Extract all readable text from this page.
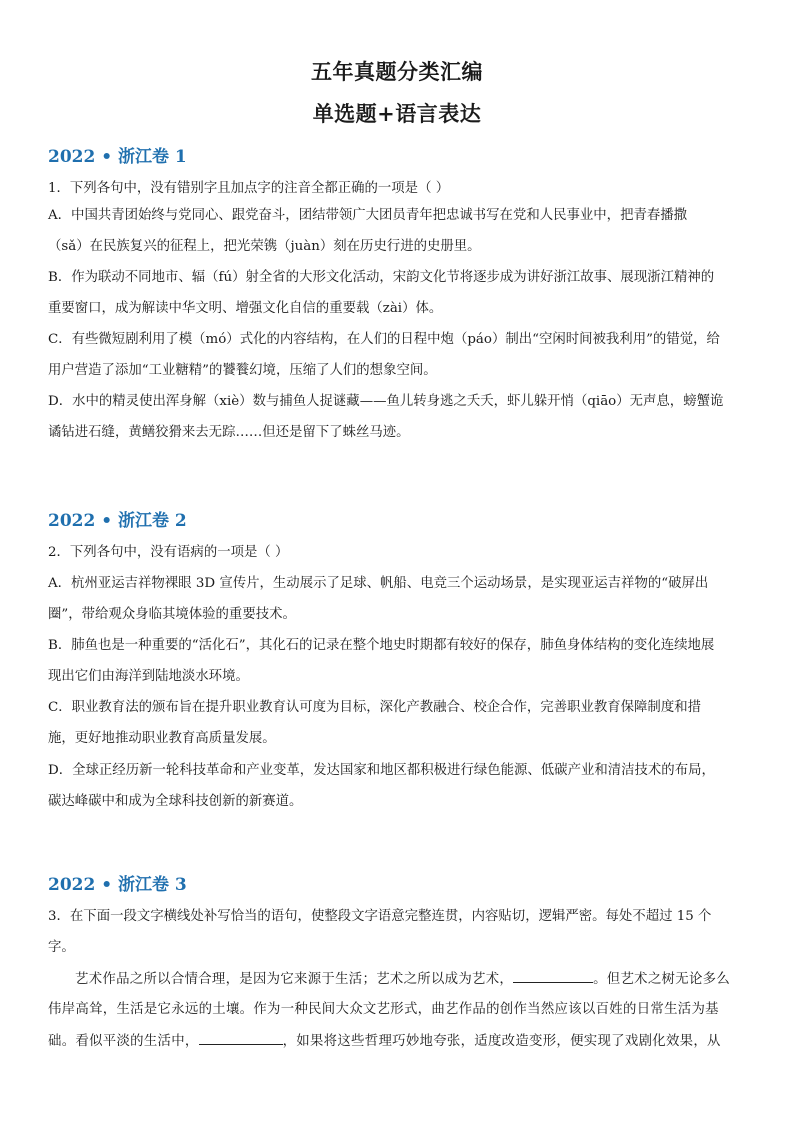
五年真题分类汇编
单选题+语言表达
2022 • 浙江卷 1
1．下列各句中，没有错别字且加点字的注音全都正确的一项是（ ）
A．中国共青团始终与党同心、跟党奋斗，团结带领广大团员青年把忠诚书写在党和人民事业中，把青春播撒
（sǎ）在民族复兴的征程上，把光荣镌（juàn）刻在历史行进的史册里。
B．作为联动不同地市、辐（fú）射全省的大形文化活动，宋韵文化节将逐步成为讲好浙江故事、展现浙江精神的
重要窗口，成为解读中华文明、增强文化自信的重要载（zài）体。
C．有些微短剧利用了模（mó）式化的内容结构，在人们的日程中炮（páo）制出“空闲时间被我利用”的错觉，给
用户营造了添加“工业糖精”的饕餮幻境，压缩了人们的想象空间。
D．水中的精灵使出浑身解（xiè）数与捕鱼人捉谜藏——鱼儿转身逃之夭夭，虾儿躲开悄（qiāo）无声息，螃蟹诡
谲钻进石缝，黄鳝狡猾来去无踪……但还是留下了蛛丝马迹。
2022 • 浙江卷 2
2．下列各句中，没有语病的一项是（ ）
A．杭州亚运吉祥物裸眼 3D 宣传片，生动展示了足球、帆船、电竞三个运动场景，是实现亚运吉祥物的“破屏出
圈”，带给观众身临其境体验的重要技术。
B．肺鱼也是一种重要的“活化石”，其化石的记录在整个地史时期都有较好的保存，肺鱼身体结构的变化连续地展
现出它们由海洋到陆地淡水环境。
C．职业教育法的颁布旨在提升职业教育认可度为目标，深化产教融合、校企合作，完善职业教育保障制度和措
施，更好地推动职业教育高质量发展。
D．全球正经历新一轮科技革命和产业变革，发达国家和地区都积极进行绿色能源、低碳产业和清洁技术的布局，
碳达峰碳中和成为全球科技创新的新赛道。
2022 • 浙江卷 3
3．在下面一段文字横线处补写恰当的语句，使整段文字语意完整连贯，内容贴切，逻辑严密。每处不超过 15 个
字。
艺术作品之所以合情合理，是因为它来源于生活；艺术之所以成为艺术，	。但艺术之树无论多么
伟岸高耸，生活是它永远的土壤。作为一种民间大众文艺形式，曲艺作品的创作当然应该以百姓的日常生活为基
础。看似平淡的生活中，	，如果将这些哲理巧妙地夸张，适度改造变形，便实现了戏剧化效果，从
